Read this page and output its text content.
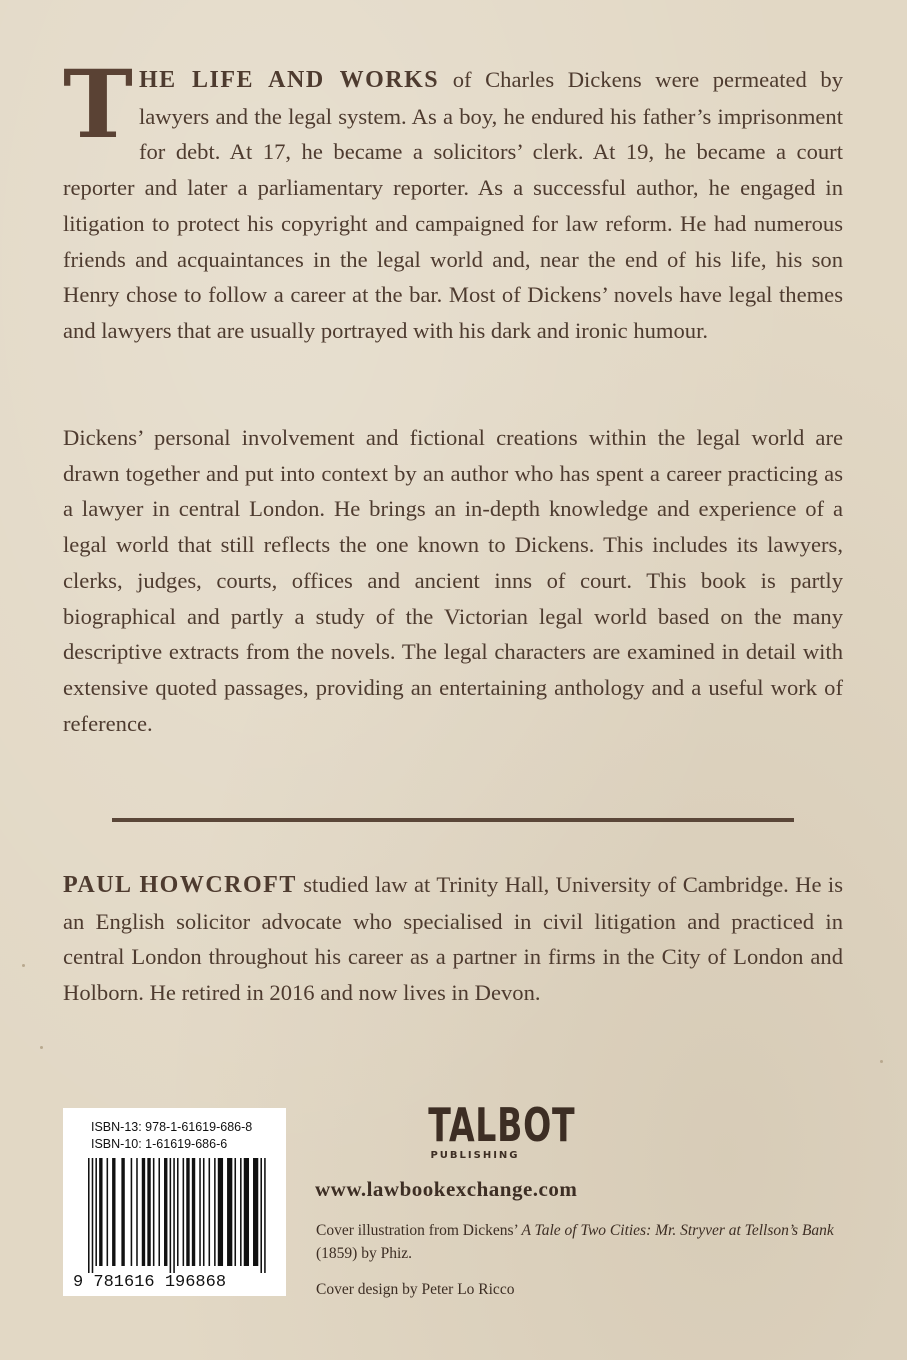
THE LIFE AND WORKS of Charles Dickens were permeated by lawyers and the legal system. As a boy, he endured his father’s imprisonment for debt. At 17, he became a solicitors’ clerk. At 19, he became a court reporter and later a parliamentary reporter. As a successful author, he engaged in litigation to protect his copyright and campaigned for law reform. He had numerous friends and acquaintances in the legal world and, near the end of his life, his son Henry chose to follow a career at the bar. Most of Dickens’ novels have legal themes and lawyers that are usually portrayed with his dark and ironic humour.

Dickens’ personal involvement and fictional creations within the legal world are drawn together and put into context by an author who has spent a career practicing as a lawyer in central London. He brings an in-depth knowledge and experience of a legal world that still reflects the one known to Dickens. This includes its lawyers, clerks, judges, courts, offices and ancient inns of court. This book is partly biographical and partly a study of the Victorian legal world based on the many descriptive extracts from the novels. The legal characters are examined in detail with extensive quoted passages, providing an entertaining anthology and a useful work of reference.

PAUL HOWCROFT studied law at Trinity Hall, University of Cambridge. He is an English solicitor advocate who specialised in civil litigation and practiced in central London throughout his career as a partner in firms in the City of London and Holborn. He retired in 2016 and now lives in Devon.

ISBN-13: 978-1-61619-686-8
ISBN-10: 1-61619-686-6
9 781616 196868
TALBOT
PUBLISHING
www.lawbookexchange.com
Cover illustration from Dickens’ A Tale of Two Cities: Mr. Stryver at Tellson’s Bank (1859) by Phiz.
Cover design by Peter Lo Ricco
